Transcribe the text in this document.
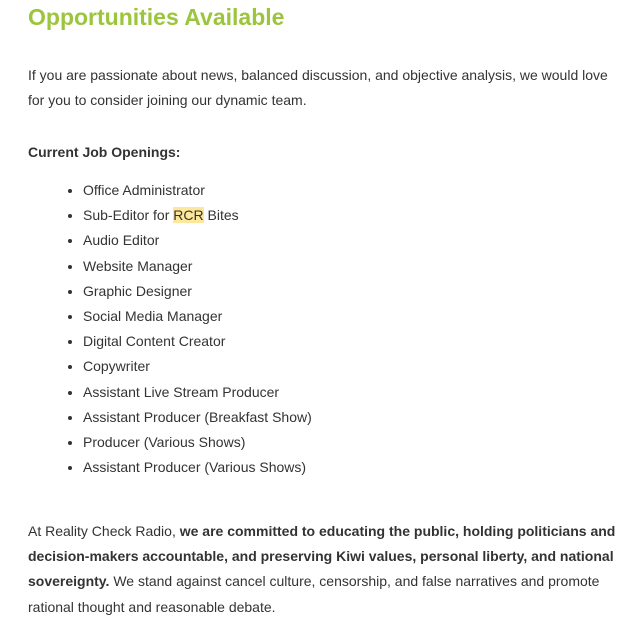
Opportunities Available

If you are passionate about news, balanced discussion, and objective analysis, we would love for you to consider joining our dynamic team.

Current Job Openings:

• Office Administrator
• Sub-Editor for RCR Bites
• Audio Editor
• Website Manager
• Graphic Designer
• Social Media Manager
• Digital Content Creator
• Copywriter
• Assistant Live Stream Producer
• Assistant Producer (Breakfast Show)
• Producer (Various Shows)
• Assistant Producer (Various Shows)

At Reality Check Radio, we are committed to educating the public, holding politicians and decision-makers accountable, and preserving Kiwi values, personal liberty, and national sovereignty. We stand against cancel culture, censorship, and false narratives and promote rational thought and reasonable debate.
